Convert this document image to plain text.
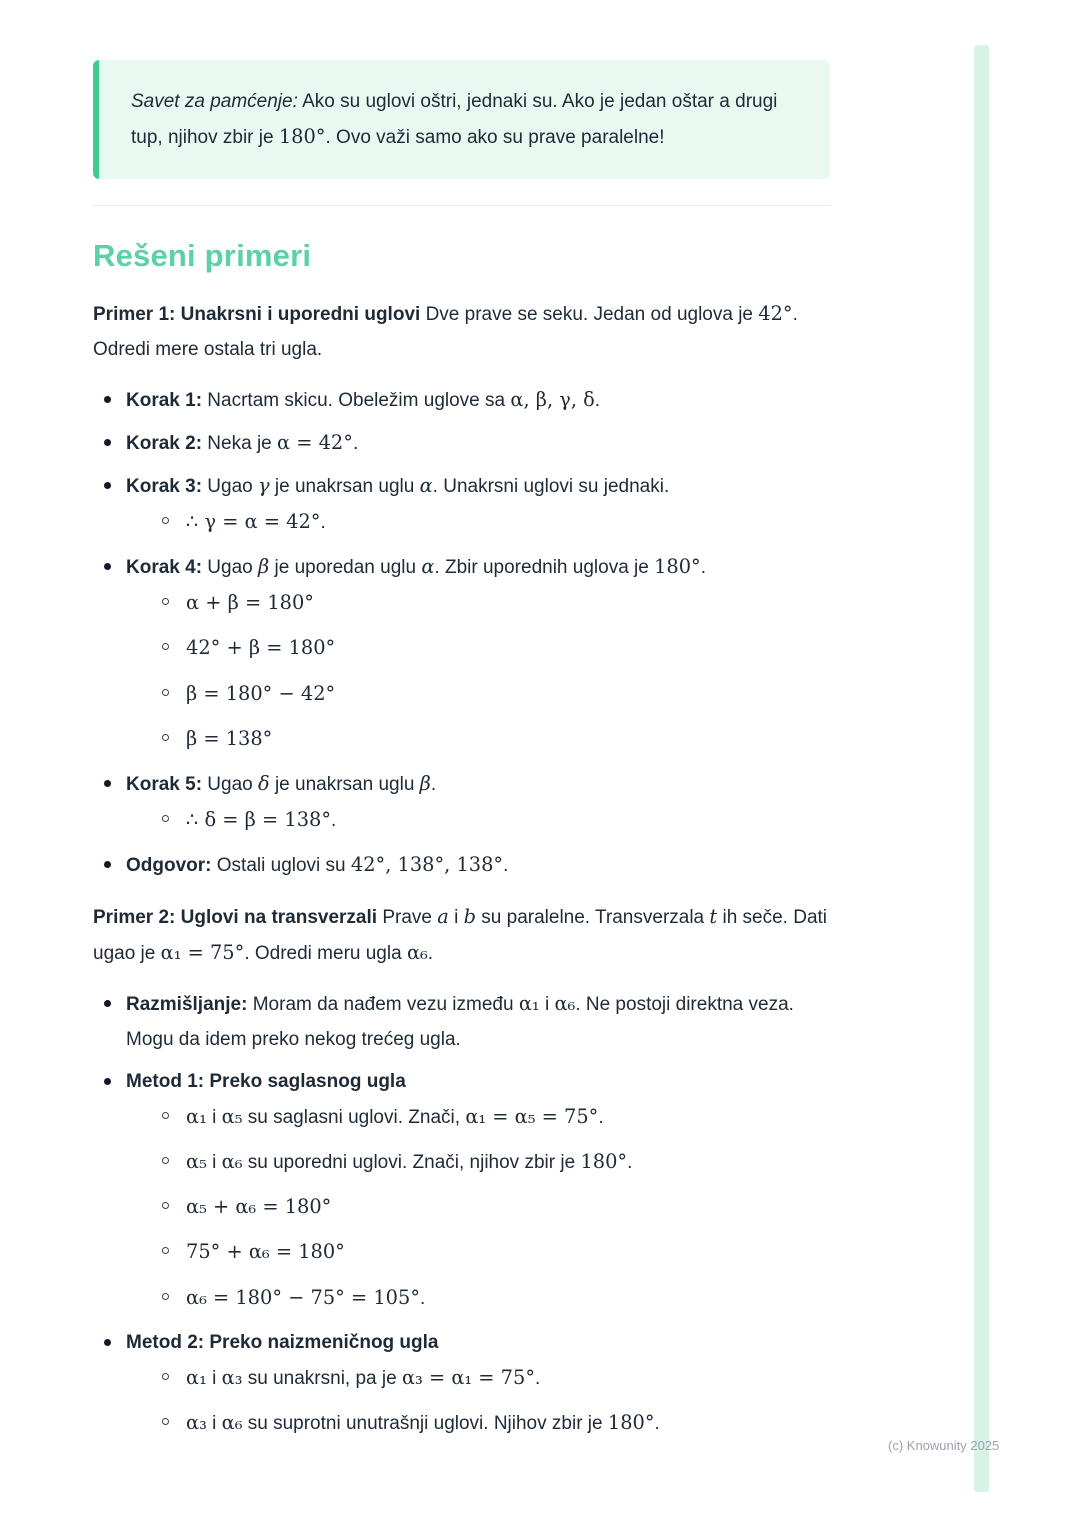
Savet za pamćenje: Ako su uglovi oštri, jednaki su. Ako je jedan oštar a drugi tup, njihov zbir je 180°. Ovo važi samo ako su prave paralelne!

Rešeni primeri

Primer 1: Unakrsni i uporedni uglovi Dve prave se seku. Jedan od uglova je 42°. Odredi mere ostala tri ugla.

Korak 1: Nacrtam skicu. Obeležim uglove sa α, β, γ, δ.

Korak 2: Neka je α = 42°.

Korak 3: Ugao γ je unakrsan uglu α. Unakrsni uglovi su jednaki.

∴ γ = α = 42°.

Korak 4: Ugao β je uporedan uglu α. Zbir uporednih uglova je 180°.

α + β = 180°

42° + β = 180°

β = 180° − 42°

β = 138°

Korak 5: Ugao δ je unakrsan uglu β.

∴ δ = β = 138°.

Odgovor: Ostali uglovi su 42°, 138°, 138°.

Primer 2: Uglovi na transverzali Prave a i b su paralelne. Transverzala t ih seče. Dati ugao je α₁ = 75°. Odredi meru ugla α₆.

Razmišljanje: Moram da nađem vezu između α₁ i α₆. Ne postoji direktna veza. Mogu da idem preko nekog trećeg ugla.

Metod 1: Preko saglasnog ugla

α₁ i α₅ su saglasni uglovi. Znači, α₁ = α₅ = 75°.

α₅ i α₆ su uporedni uglovi. Znači, njihov zbir je 180°.

α₅ + α₆ = 180°

75° + α₆ = 180°

α₆ = 180° − 75° = 105°.

Metod 2: Preko naizmeničnog ugla

α₁ i α₃ su unakrsni, pa je α₃ = α₁ = 75°.

α₃ i α₆ su suprotni unutrašnji uglovi. Njihov zbir je 180°.

(c) Knowunity 2025
